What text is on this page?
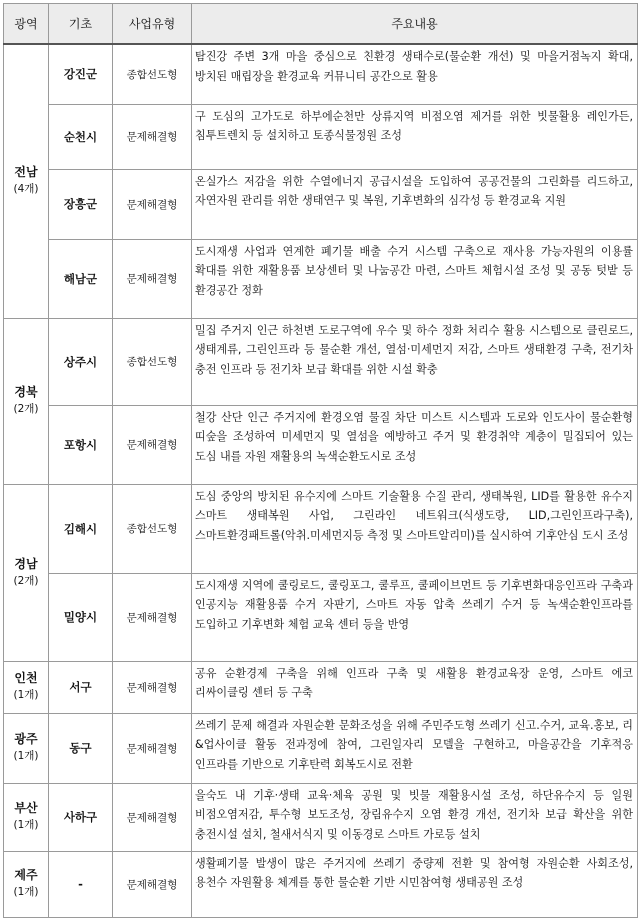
광역	기초	사업유형	주요내용

전남
(4개)	강진군	종합선도형	탐진강 주변 3개 마을 중심으로 친환경 생태수로(물순환 개선) 및 마을거점녹지 확대, 방치된 매립장을 환경교육 커뮤니티 공간으로 활용
	순천시	문제해결형	구 도심의 고가도로 하부에순천만 상류지역 비점오염 제거를 위한 빗물활용 레인가든, 침투트렌치 등 설치하고 토종식물정원 조성
	장흥군	문제해결형	온실가스 저감을 위한 수열에너지 공급시설을 도입하여 공공건물의 그린화를 리드하고, 자연자원 관리를 위한 생태연구 및 복원, 기후변화의 심각성 등 환경교육 지원
	해남군	문제해결형	도시재생 사업과 연계한 폐기물 배출 수거 시스템 구축으로 재사용 가능자원의 이용률 확대를 위한 재활용품 보상센터 및 나눔공간 마련, 스마트 체험시설 조성 및 공동 텃밭 등 환경공간 정화

경북
(2개)	상주시	종합선도형	밀집 주거지 인근 하천변 도로구역에 우수 및 하수 정화 처리수 활용 시스템으로 클린로드, 생태계류, 그린인프라 등 물순환 개선, 열섬·미세먼지 저감, 스마트 생태환경 구축, 전기차 충전 인프라 등 전기차 보급 확대를 위한 시설 확충
	포항시	문제해결형	철강 산단 인근 주거지에 환경오염 물질 차단 미스트 시스템과 도로와 인도사이 물순환형 띠숲을 조성하여 미세먼지 및 열섬을 예방하고 주거 및 환경취약 계층이 밀집되어 있는 도심 내를 자원 재활용의 녹색순환도시로 조성

경남
(2개)	김해시	종합선도형	도심 중앙의 방치된 유수지에 스마트 기술활용 수질 관리, 생태복원, LID를 활용한 유수지 스마트 생태복원 사업, 그린라인 네트워크(식생도랑, LID,그린인프라구축), 스마트환경패트롤(악취.미세먼지등 측정 및 스마트알리미)를 실시하여 기후안심 도시 조성
	밀양시	문제해결형	도시재생 지역에 쿨링로드, 쿨링포그, 쿨루프, 쿨페이브먼트 등 기후변화대응인프라 구축과 인공지능 재활용품 수거 자판기, 스마트 자동 압축 쓰레기 수거 등 녹색순환인프라를 도입하고 기후변화 체험 교육 센터 등을 반영

인천
(1개)	서구	문제해결형	공유 순환경제 구축을 위해 인프라 구축 및 새활용 환경교육장 운영, 스마트 에코 리싸이클링 센터 등 구축

광주
(1개)	동구	문제해결형	쓰레기 문제 해결과 자원순환 문화조성을 위해 주민주도형 쓰레기 신고.수거, 교육.홍보, 리&업사이클 활동 전과정에 참여, 그린일자리 모델을 구현하고, 마을공간을 기후적응 인프라를 기반으로 기후탄력 회복도시로 전환

부산
(1개)	사하구	문제해결형	을숙도 내 기후·생태 교육·체육 공원 및 빗물 재활용시설 조성, 하단유수지 등 일원 비점오염저감, 투수형 보도조성, 장림유수지 오염 환경 개선, 전기차 보급 확산을 위한 충전시설 설치, 철새서식지 및 이동경로 스마트 가로등 설치

제주
(1개)	-	문제해결형	생활폐기물 발생이 많은 주거지에 쓰레기 중량제 전환 및 참여형 자원순환 사회조성, 용천수 자원활용 체계를 통한 물순환 기반 시민참여형 생태공원 조성
